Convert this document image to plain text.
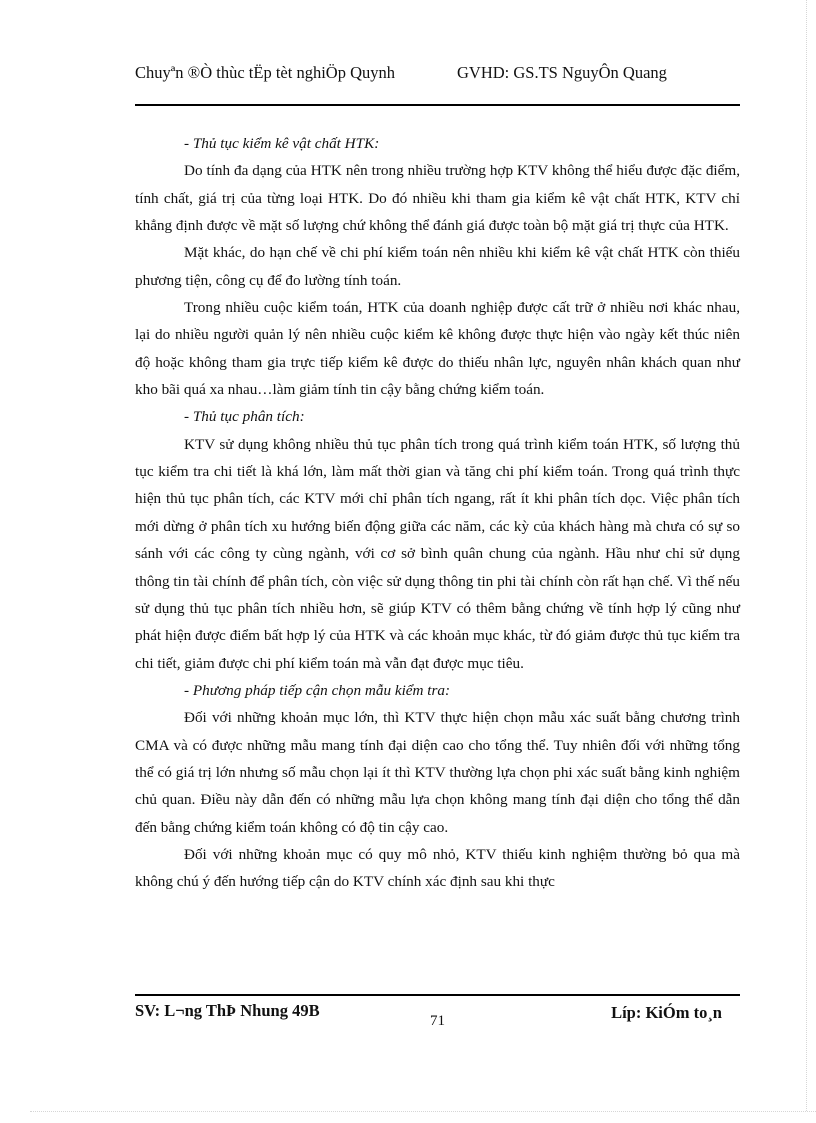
Chuyªn ®Ò thùc tËp tèt nghiÖp Quynh	GVHD: GS.TS NguyÔn Quang

- Thủ tục kiểm kê vật chất HTK:

Do tính đa dạng của HTK nên trong nhiều trường hợp KTV không thể hiểu được đặc điểm, tính chất, giá trị của từng loại HTK. Do đó nhiều khi tham gia kiểm kê vật chất HTK, KTV chỉ khẳng định được về mặt số lượng chứ không thể đánh giá được toàn bộ mặt giá trị thực của HTK.

Mặt khác, do hạn chế về chi phí kiểm toán nên nhiều khi kiểm kê vật chất HTK còn thiếu phương tiện, công cụ để đo lường tính toán.

Trong nhiều cuộc kiểm toán, HTK của doanh nghiệp được cất trữ ở nhiều nơi khác nhau, lại do nhiều người quản lý nên nhiều cuộc kiểm kê không được thực hiện vào ngày kết thúc niên độ hoặc không tham gia trực tiếp kiểm kê được do thiếu nhân lực, nguyên nhân khách quan như kho bãi quá xa nhau…làm giảm tính tin cậy bằng chứng kiểm toán.

- Thủ tục phân tích:

KTV sử dụng không nhiều thủ tục phân tích trong quá trình kiểm toán HTK, số lượng thủ tục kiểm tra chi tiết là khá lớn, làm mất thời gian và tăng chi phí kiểm toán. Trong quá trình thực hiện thủ tục phân tích, các KTV mới chỉ phân tích ngang, rất ít khi phân tích dọc. Việc phân tích mới dừng ở phân tích xu hướng biến động giữa các năm, các kỳ của khách hàng mà chưa có sự so sánh với các công ty cùng ngành, với cơ sở bình quân chung của ngành. Hầu như chỉ sử dụng thông tin tài chính để phân tích, còn việc sử dụng thông tin phi tài chính còn rất hạn chế. Vì thế nếu sử dụng thủ tục phân tích nhiều hơn, sẽ giúp KTV có thêm bằng chứng về tính hợp lý cũng như phát hiện được điểm bất hợp lý của HTK và các khoản mục khác, từ đó giảm được thủ tục kiểm tra chi tiết, giảm được chi phí kiểm toán mà vẫn đạt được mục tiêu.

- Phương pháp tiếp cận chọn mẫu kiểm tra:

Đối với những khoản mục lớn, thì KTV thực hiện chọn mẫu xác suất bằng chương trình CMA và có được những mẫu mang tính đại diện cao cho tổng thể. Tuy nhiên đối với những tổng thể có giá trị lớn nhưng số mẫu chọn lại ít thì KTV thường lựa chọn phi xác suất bằng kinh nghiệm chủ quan. Điều này dẫn đến có những mẫu lựa chọn không mang tính đại diện cho tổng thể dẫn đến bằng chứng kiểm toán không có độ tin cậy cao.

Đối với những khoản mục có quy mô nhỏ, KTV thiếu kinh nghiệm thường bỏ qua mà không chú ý đến hướng tiếp cận do KTV chính xác định sau khi thực

SV: L¬ng ThÞ Nhung 49B
71	Líp: KiÓm to¸n
